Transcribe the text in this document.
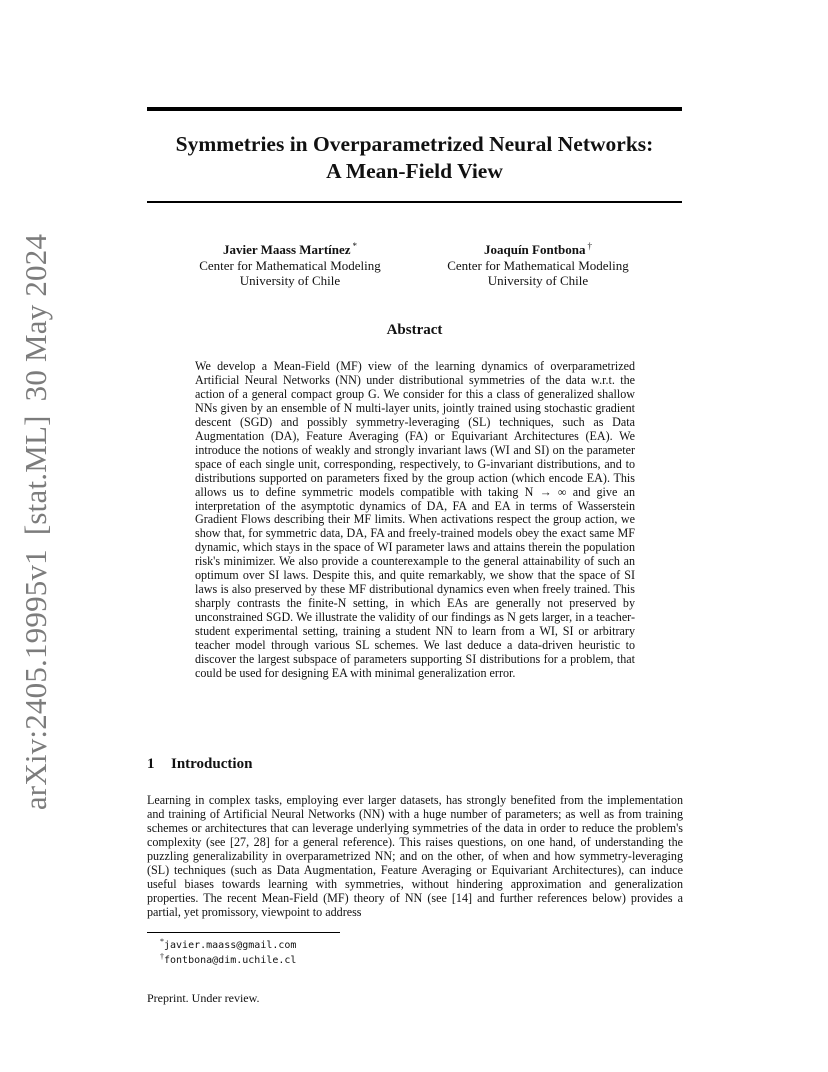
arXiv:2405.19995v1[stat.ML]30 May 2024
Symmetries in Overparametrized Neural Networks:
A Mean-Field View
Javier Maass Martínez *
Center for Mathematical Modeling
University of Chile
Joaquín Fontbona †
Center for Mathematical Modeling
University of Chile
Abstract
We develop a Mean-Field (MF) view of the learning dynamics of overparametrized Artificial Neural Networks (NN) under distributional symmetries of the data w.r.t. the action of a general compact group G. We consider for this a class of generalized shallow NNs given by an ensemble of N multi-layer units, jointly trained using stochastic gradient descent (SGD) and possibly symmetry-leveraging (SL) techniques, such as Data Augmentation (DA), Feature Averaging (FA) or Equivariant Architectures (EA). We introduce the notions of weakly and strongly invariant laws (WI and SI) on the parameter space of each single unit, corresponding, respectively, to G-invariant distributions, and to distributions supported on parameters fixed by the group action (which encode EA). This allows us to define symmetric models compatible with taking N → ∞ and give an interpretation of the asymptotic dynamics of DA, FA and EA in terms of Wasserstein Gradient Flows describing their MF limits. When activations respect the group action, we show that, for symmetric data, DA, FA and freely-trained models obey the exact same MF dynamic, which stays in the space of WI parameter laws and attains therein the population risk's minimizer. We also provide a counterexample to the general attainability of such an optimum over SI laws. Despite this, and quite remarkably, we show that the space of SI laws is also preserved by these MF distributional dynamics even when freely trained. This sharply contrasts the finite-N setting, in which EAs are generally not preserved by unconstrained SGD. We illustrate the validity of our findings as N gets larger, in a teacher-student experimental setting, training a student NN to learn from a WI, SI or arbitrary teacher model through various SL schemes. We last deduce a data-driven heuristic to discover the largest subspace of parameters supporting SI distributions for a problem, that could be used for designing EA with minimal generalization error.
1 Introduction
Learning in complex tasks, employing ever larger datasets, has strongly benefited from the implementation and training of Artificial Neural Networks (NN) with a huge number of parameters; as well as from training schemes or architectures that can leverage underlying symmetries of the data in order to reduce the problem's complexity (see [27, 28] for a general reference). This raises questions, on one hand, of understanding the puzzling generalizability in overparametrized NN; and on the other, of when and how symmetry-leveraging (SL) techniques (such as Data Augmentation, Feature Averaging or Equivariant Architectures), can induce useful biases towards learning with symmetries, without hindering approximation and generalization properties. The recent Mean-Field (MF) theory of NN (see [14] and further references below) provides a partial, yet promissory, viewpoint to address
*javier.maass@gmail.com
†fontbona@dim.uchile.cl
Preprint. Under review.
